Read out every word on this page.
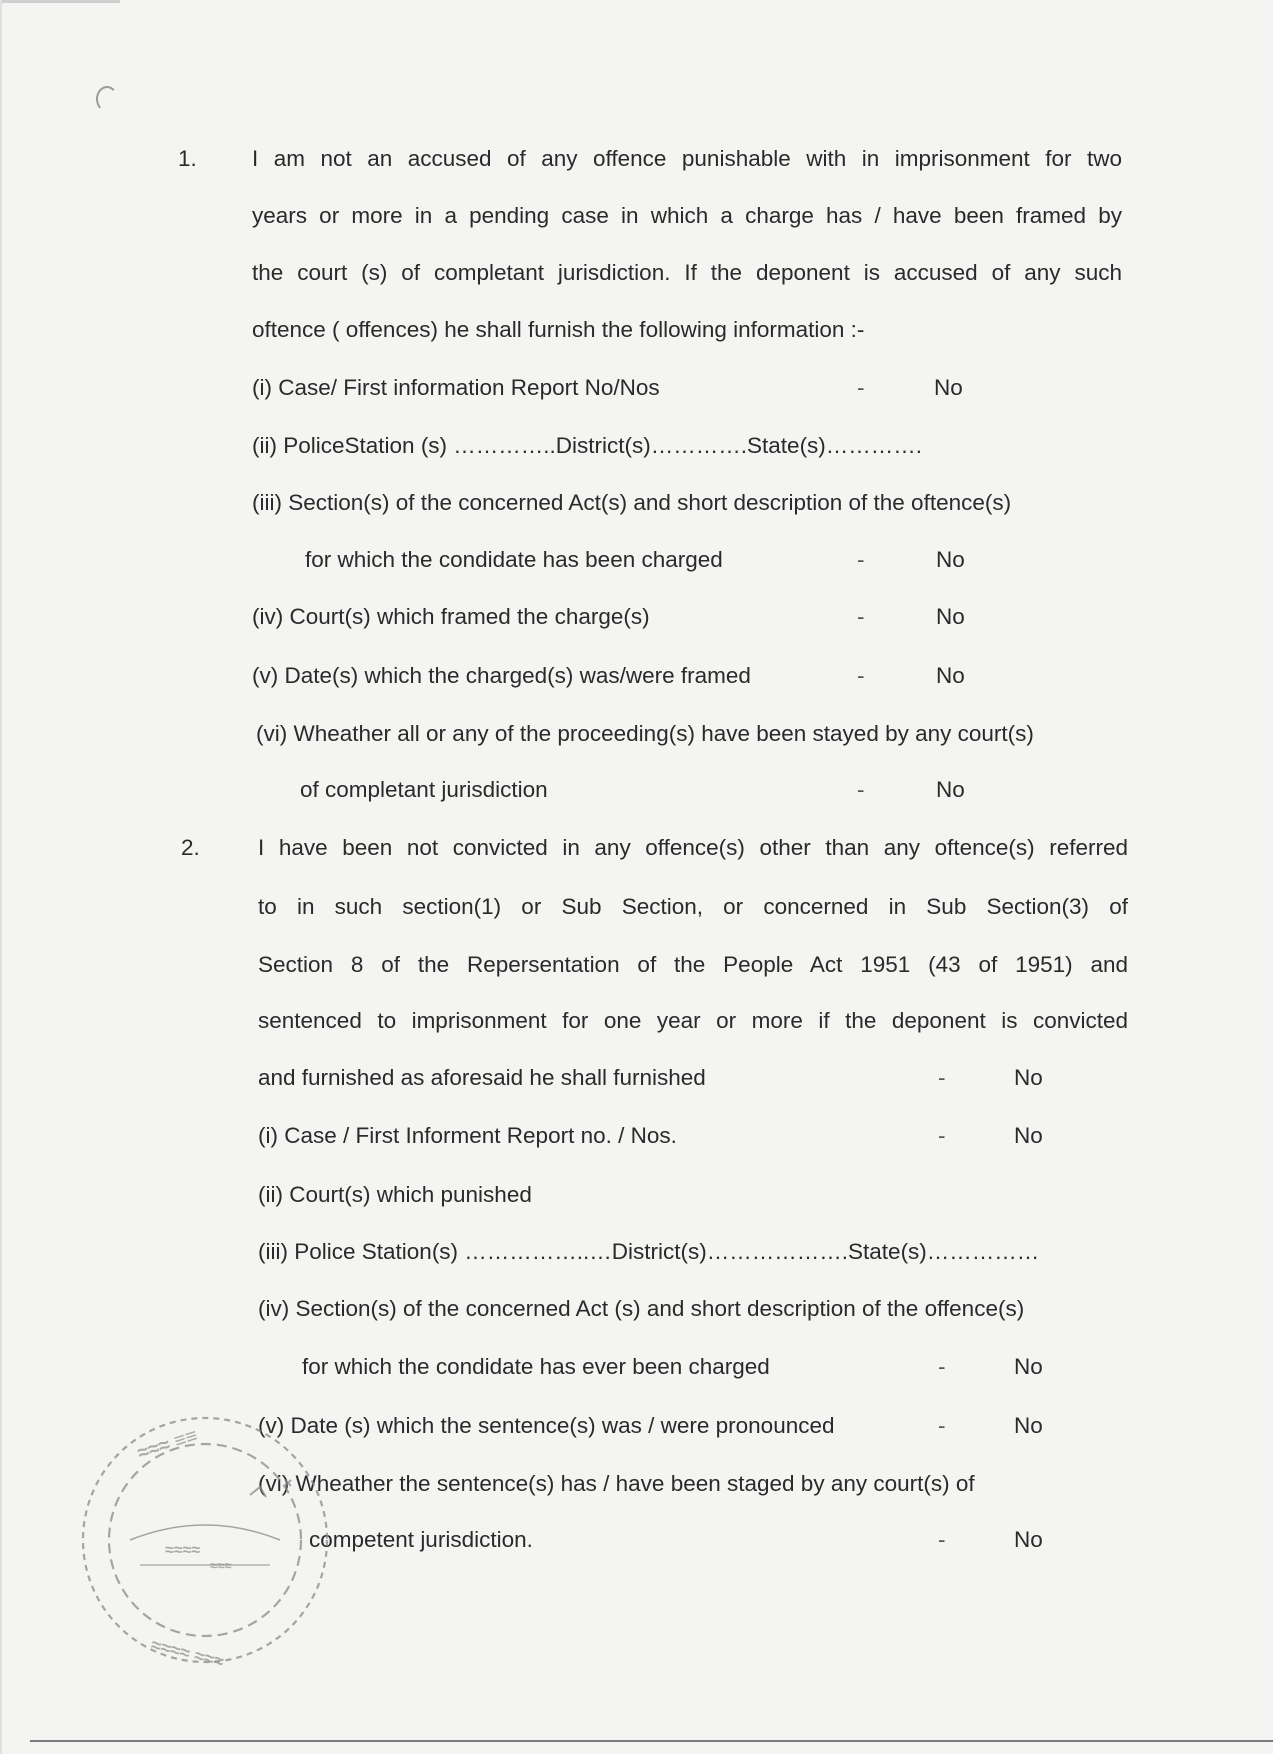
1. I am not an accused of any offence punishable with in imprisonment for two
years or more in a pending case in which a charge has / have been framed by
the court (s) of completant jurisdiction. If the deponent is accused of any such
oftence ( offences) he shall furnish the following information :-
(i) Case/ First information Report No/Nos	-	No
(ii) PoliceStation (s) …………..District(s)………….State(s)………….
(iii) Section(s) of the concerned Act(s) and short description of the oftence(s)
for which the condidate has been charged	-	No
(iv) Court(s) which framed the charge(s)	-	No
(v) Date(s) which the charged(s) was/were framed	-	No
(vi) Wheather all or any of the proceeding(s) have been stayed by any court(s)
of completant jurisdiction	-	No
2.	I have been not convicted in any offence(s) other than any oftence(s) referred
to in such section(1) or Sub Section, or concerned in Sub Section(3) of
Section 8 of the Repersentation of the People Act 1951 (43 of 1951) and
sentenced to imprisonment for one year or more if the deponent is convicted
and furnished as aforesaid he shall furnished	-	No
(i) Case / First Informent Report no. / Nos.	-	No
(ii) Court(s) which punished
(iii) Police Station(s) ……………..…District(s)……………….State(s)……………
(iv) Section(s) of the concerned Act (s) and short description of the offence(s)
for which the condidate has ever been charged	-	No
(v) Date (s) which the sentence(s) was / were pronounced	-	No
(vi) Wheather the sentence(s) has / have been staged by any court(s) of
competent jurisdiction.	-	No
≈≈≈ ≡≡
≈≈≈≈
≈≈≈
≈≈≈≈ ≈≈≈
